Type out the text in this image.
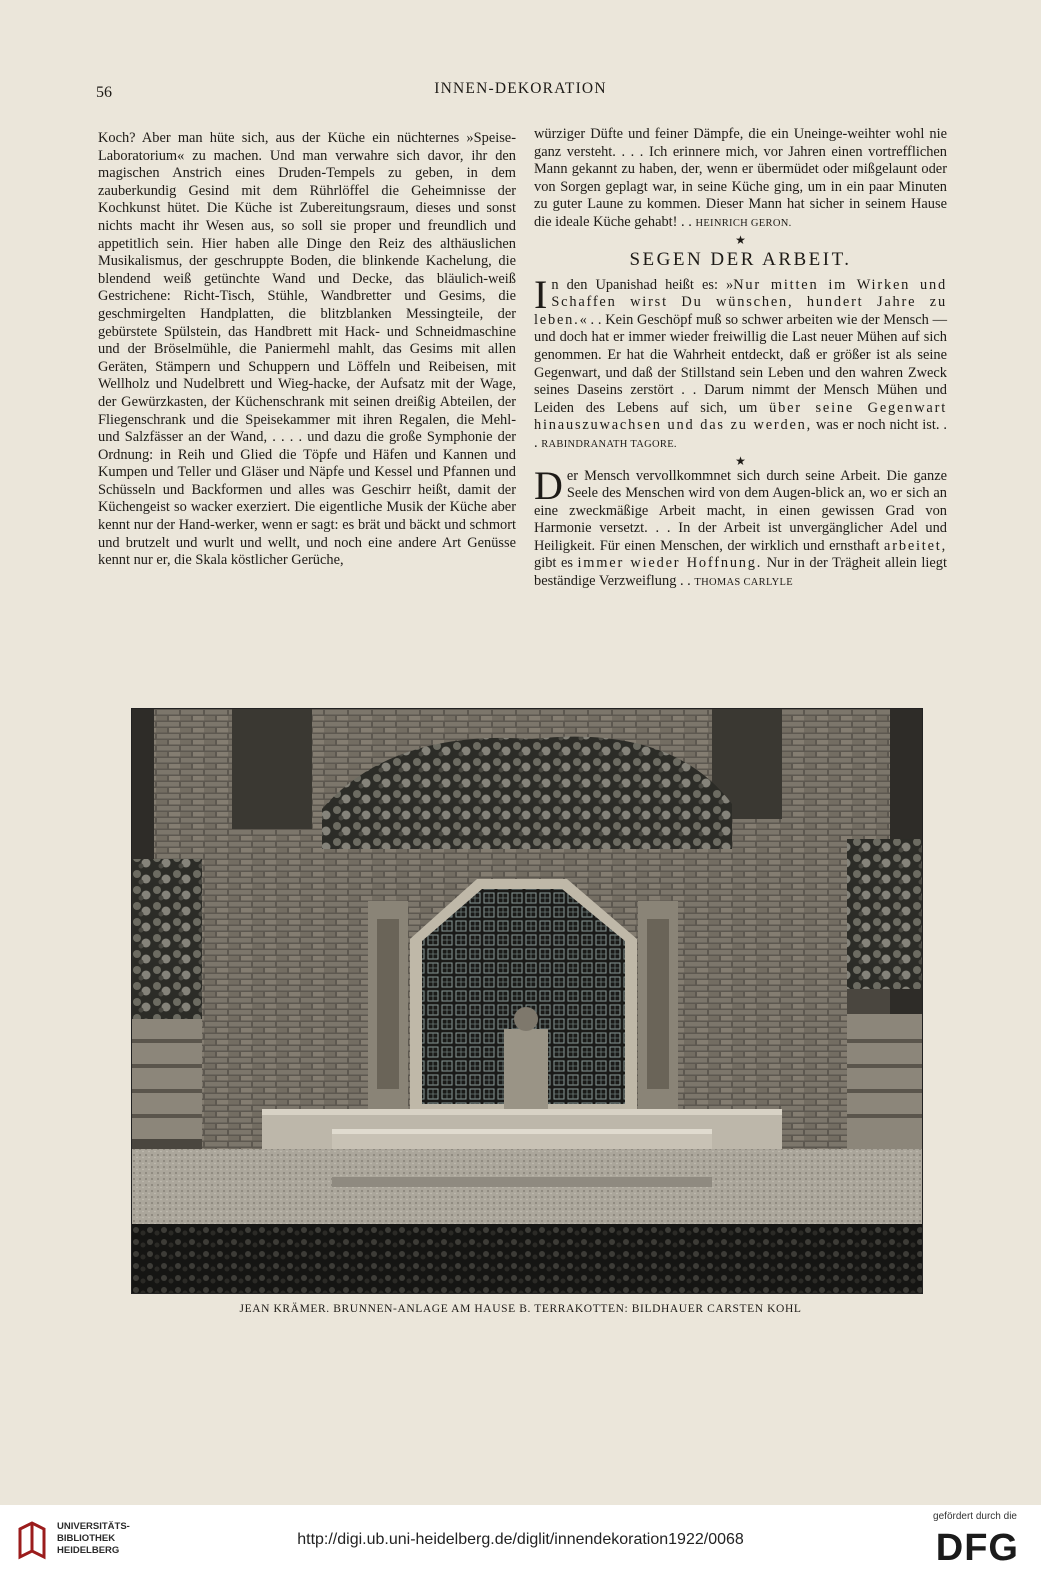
56	INNEN-DEKORATION

Koch? Aber man hüte sich, aus der Küche ein nüchternes »Speise-Laboratorium« zu machen. Und man verwahre sich davor, ihr den magischen Anstrich eines Druden-Tempels zu geben, in dem zauberkundig Gesind mit dem Rührlöffel die Geheimnisse der Kochkunst hütet. Die Küche ist Zubereitungsraum, dieses und sonst nichts macht ihr Wesen aus, so soll sie proper und freundlich und appetitlich sein. Hier haben alle Dinge den Reiz des althäuslichen Musikalismus, der geschruppte Boden, die blinkende Kachelung, die blendend weiß getünchte Wand und Decke, das bläulich-weiß Gestrichene: Richt-Tisch, Stühle, Wandbretter und Gesims, die geschmirgelten Handplatten, die blitzblanken Messingteile, der gebürstete Spülstein, das Handbrett mit Hack- und Schneidmaschine und der Bröselmühle, die Paniermehl mahlt, das Gesims mit allen Geräten, Stämpern und Schuppern und Löffeln und Reibeisen, mit Wellholz und Nudelbrett und Wieg-hacke, der Aufsatz mit der Wage, der Gewürzkasten, der Küchenschrank mit seinen dreißig Abteilen, der Fliegenschrank und die Speisekammer mit ihren Regalen, die Mehl- und Salzfässer an der Wand, . . . . und dazu die große Symphonie der Ordnung: in Reih und Glied die Töpfe und Häfen und Kannen und Kumpen und Teller und Gläser und Näpfe und Kessel und Pfannen und Schüsseln und Backformen und alles was Geschirr heißt, damit der Küchengeist so wacker exerziert. Die eigentliche Musik der Küche aber kennt nur der Hand-werker, wenn er sagt: es brät und bäckt und schmort und brutzelt und wurlt und wellt, und noch eine andere Art Genüsse kennt nur er, die Skala köstlicher Gerüche,

würziger Düfte und feiner Dämpfe, die ein Uneinge-weihter wohl nie ganz versteht. . . . Ich erinnere mich, vor Jahren einen vortrefflichen Mann gekannt zu haben, der, wenn er übermüdet oder mißgelaunt oder von Sorgen geplagt war, in seine Küche ging, um in ein paar Minuten zu guter Laune zu kommen. Dieser Mann hat sicher in seinem Hause die ideale Küche gehabt! . . HEINRICH GERON.

★
SEGEN DER ARBEIT.

In den Upanishad heißt es: »Nur mitten im Wirken und Schaffen wirst Du wünschen, hundert Jahre zu leben.« . . Kein Geschöpf muß so schwer arbeiten wie der Mensch — und doch hat er immer wieder freiwillig die Last neuer Mühen auf sich genommen. Er hat die Wahrheit entdeckt, daß er größer ist als seine Gegenwart, und daß der Stillstand sein Leben und den wahren Zweck seines Daseins zerstört . . Darum nimmt der Mensch Mühen und Leiden des Lebens auf sich, um über seine Gegenwart hinauszuwachsen und das zu werden, was er noch nicht ist. . . RABINDRANATH TAGORE.

★

Der Mensch vervollkommnet sich durch seine Arbeit. Die ganze Seele des Menschen wird von dem Augen-blick an, wo er sich an eine zweckmäßige Arbeit macht, in einen gewissen Grad von Harmonie versetzt. . . In der Arbeit ist unvergänglicher Adel und Heiligkeit. Für einen Menschen, der wirklich und ernsthaft arbeitet, gibt es immer wieder Hoffnung. Nur in der Trägheit allein liegt beständige Verzweiflung . . THOMAS CARLYLE

JEAN KRÄMER. BRUNNEN-ANLAGE AM HAUSE B. TERRAKOTTEN: BILDHAUER CARSTEN KOHL
UNIVERSITÄTS-
BIBLIOTHEK
HEIDELBERG
http://digi.ub.uni-heidelberg.de/diglit/innendekoration1922/0068
gefördert durch die
DFG
